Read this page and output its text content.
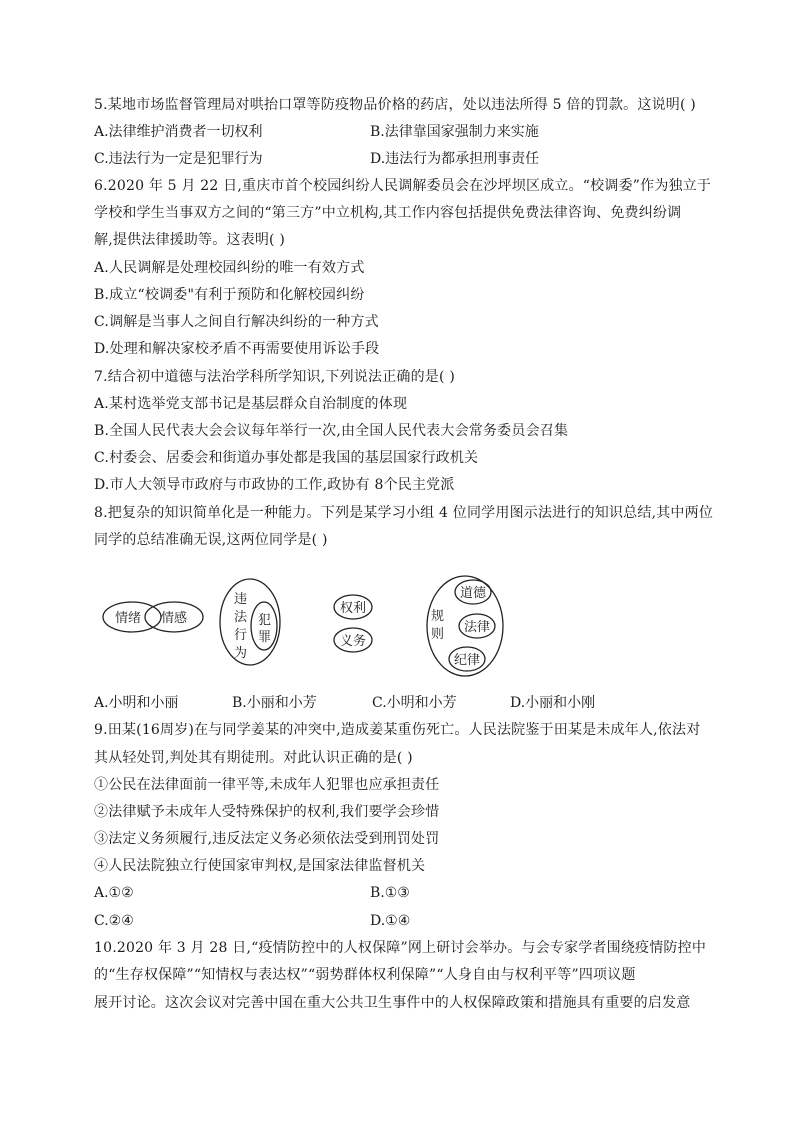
5.某地市场监督管理局对哄抬口罩等防疫物品价格的药店，处以违法所得 5 倍的罚款。这说明( )
A.法律维护消费者一切权利	B.法律靠国家强制力来实施
C.违法行为一定是犯罪行为	D.违法行为都承担刑事责任
6.2020 年 5 月 22 日,重庆市首个校园纠纷人民调解委员会在沙坪坝区成立。“校调委”作为独立于
学校和学生当事双方之间的“第三方”中立机构,其工作内容包括提供免费法律咨询、免费纠纷调
解,提供法律援助等。这表明( )
A.人民调解是处理校园纠纷的唯一有效方式
B.成立“校调委"有利于预防和化解校园纠纷
C.调解是当事人之间自行解决纠纷的一种方式
D.处理和解决家校矛盾不再需要使用诉讼手段
7.结合初中道德与法治学科所学知识,下列说法正确的是( )
A.某村选举党支部书记是基层群众自治制度的体现
B.全国人民代表大会会议每年举行一次,由全国人民代表大会常务委员会召集
C.村委会、居委会和街道办事处都是我国的基层国家行政机关
D.市人大领导市政府与市政协的工作,政协有 8个民主党派
8.把复杂的知识简单化是一种能力。下列是某学习小组 4 位同学用图示法进行的知识总结,其中两位
同学的总结准确无误,这两位同学是( )
情绪 情感
违
法
行
为
犯
罪
权利
义务
规
则
道德
法律
纪律
A.小明和小丽	B.小丽和小芳	C.小明和小芳	D.小丽和小刚
9.田某(16周岁)在与同学姜某的冲突中,造成姜某重伤死亡。人民法院鉴于田某是未成年人,依法对
其从轻处罚,判处其有期徒刑。对此认识正确的是( )
①公民在法律面前一律平等,未成年人犯罪也应承担责任
②法律赋予未成年人受特殊保护的权利,我们要学会珍惜
③法定义务须履行,违反法定义务必须依法受到刑罚处罚
④人民法院独立行使国家审判权,是国家法律监督机关
A.①②	B.①③
C.②④	D.①④
10.2020 年 3 月 28 日,“疫情防控中的人权保障”网上研讨会举办。与会专家学者围绕疫情防控中
的“生存权保障”“知情权与表达权”“弱势群体权利保障”“人身自由与权利平等”四项议题
展开讨论。这次会议对完善中国在重大公共卫生事件中的人权保障政策和措施具有重要的启发意
